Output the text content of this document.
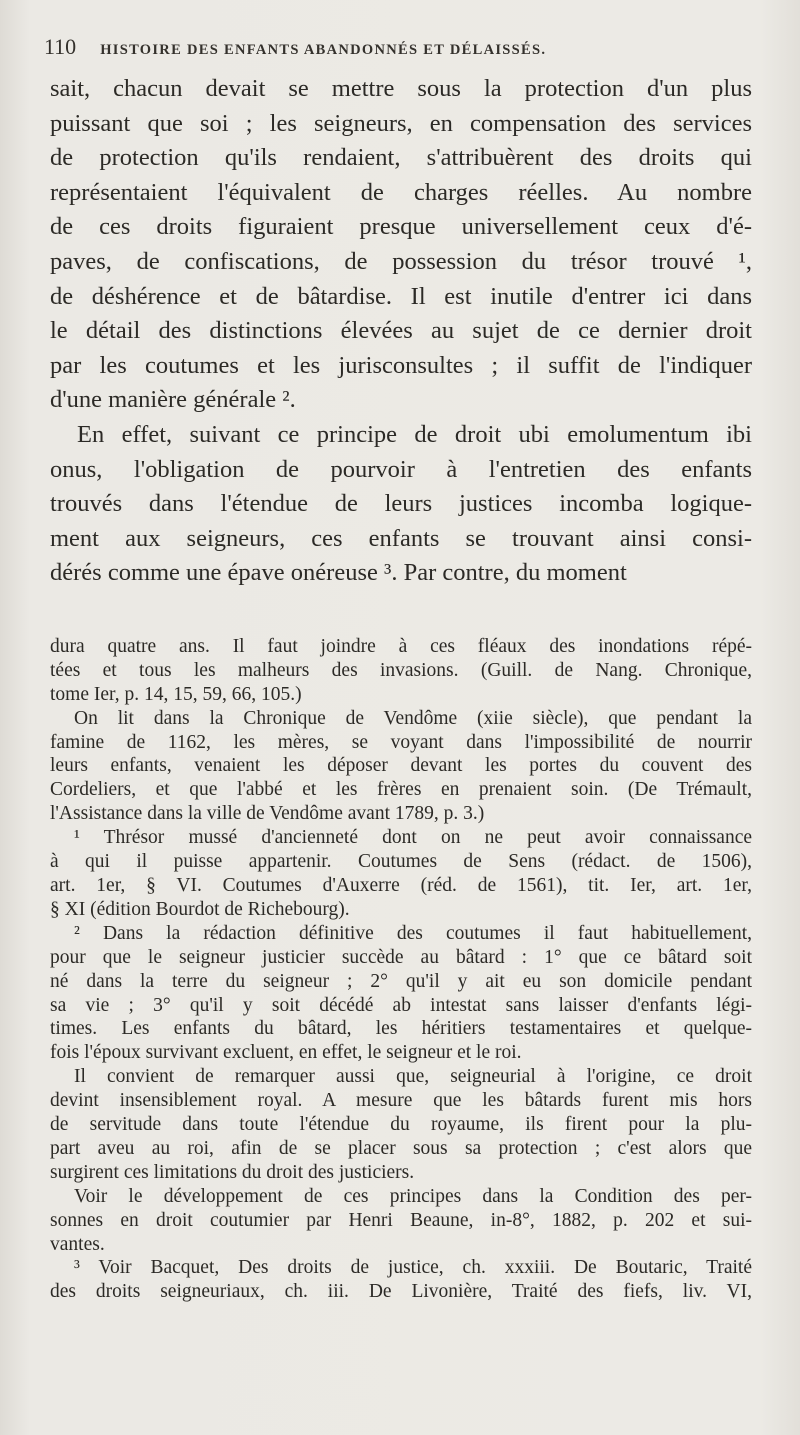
110 HISTOIRE DES ENFANTS ABANDONNÉS ET DÉLAISSÉS.
sait, chacun devait se mettre sous la protection d'un plus
puissant que soi ; les seigneurs, en compensation des services
de protection qu'ils rendaient, s'attribuèrent des droits qui
représentaient l'équivalent de charges réelles. Au nombre
de ces droits figuraient presque universellement ceux d'é-
paves, de confiscations, de possession du trésor trouvé ¹,
de déshérence et de bâtardise. Il est inutile d'entrer ici dans
le détail des distinctions élevées au sujet de ce dernier droit
par les coutumes et les jurisconsultes ; il suffit de l'indiquer
d'une manière générale ².
En effet, suivant ce principe de droit ubi emolumentum ibi
onus, l'obligation de pourvoir à l'entretien des enfants
trouvés dans l'étendue de leurs justices incomba logique-
ment aux seigneurs, ces enfants se trouvant ainsi consi-
dérés comme une épave onéreuse ³. Par contre, du moment
dura quatre ans. Il faut joindre à ces fléaux des inondations répé-
tées et tous les malheurs des invasions. (Guill. de Nang. Chronique,
tome Ier, p. 14, 15, 59, 66, 105.)
On lit dans la Chronique de Vendôme (xiie siècle), que pendant la
famine de 1162, les mères, se voyant dans l'impossibilité de nourrir
leurs enfants, venaient les déposer devant les portes du couvent des
Cordeliers, et que l'abbé et les frères en prenaient soin. (De Trémault,
l'Assistance dans la ville de Vendôme avant 1789, p. 3.)
¹ Thrésor mussé d'ancienneté dont on ne peut avoir connaissance
à qui il puisse appartenir. Coutumes de Sens (rédact. de 1506),
art. 1er, § VI. Coutumes d'Auxerre (réd. de 1561), tit. Ier, art. 1er,
§ XI (édition Bourdot de Richebourg).
² Dans la rédaction définitive des coutumes il faut habituellement,
pour que le seigneur justicier succède au bâtard : 1° que ce bâtard soit
né dans la terre du seigneur ; 2° qu'il y ait eu son domicile pendant
sa vie ; 3° qu'il y soit décédé ab intestat sans laisser d'enfants légi-
times. Les enfants du bâtard, les héritiers testamentaires et quelque-
fois l'époux survivant excluent, en effet, le seigneur et le roi.
Il convient de remarquer aussi que, seigneurial à l'origine, ce droit
devint insensiblement royal. A mesure que les bâtards furent mis hors
de servitude dans toute l'étendue du royaume, ils firent pour la plu-
part aveu au roi, afin de se placer sous sa protection ; c'est alors que
surgirent ces limitations du droit des justiciers.
Voir le développement de ces principes dans la Condition des per-
sonnes en droit coutumier par Henri Beaune, in-8°, 1882, p. 202 et sui-
vantes.
³ Voir Bacquet, Des droits de justice, ch. xxxiii. De Boutaric, Traité
des droits seigneuriaux, ch. iii. De Livonière, Traité des fiefs, liv. VI,
